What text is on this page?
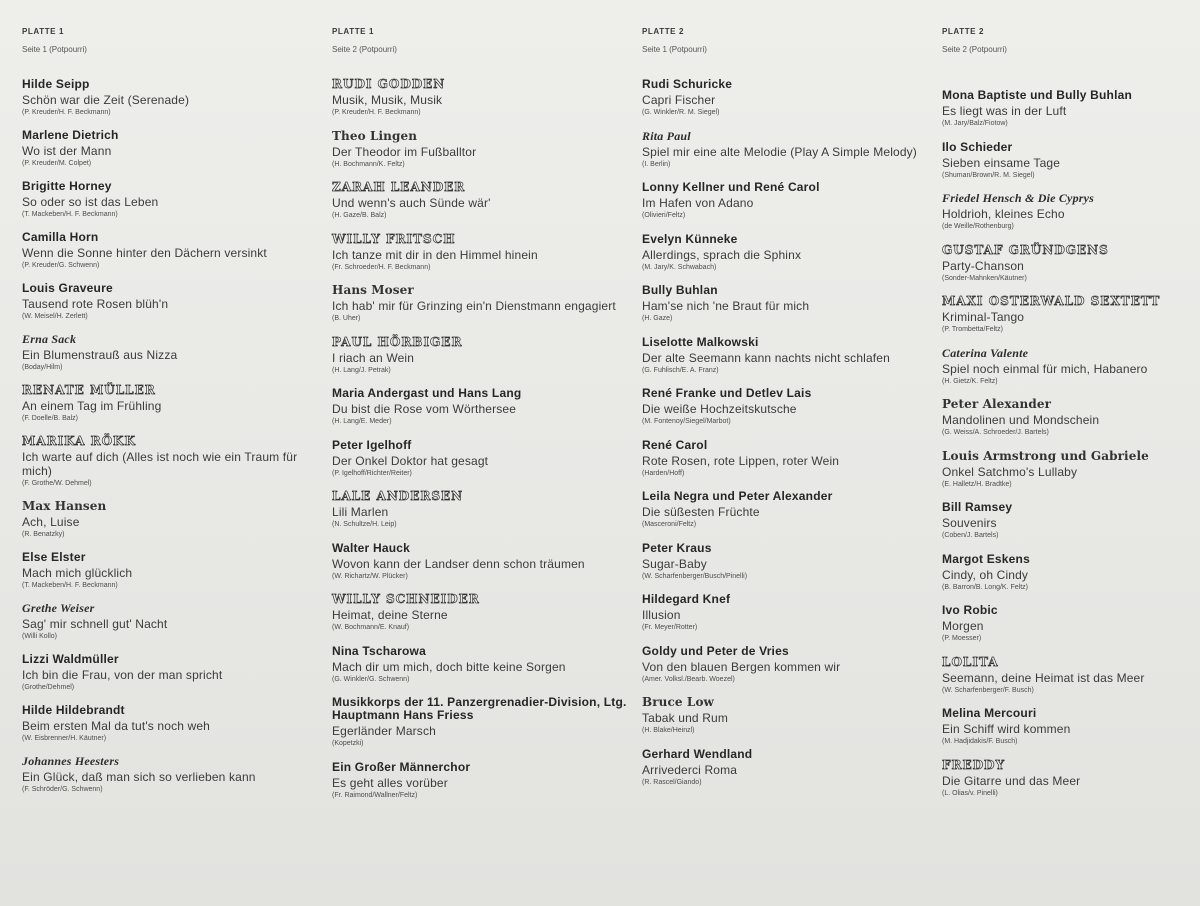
PLATTE 1
Seite 1 (Potpourri)
Hilde Seipp
Schön war die Zeit (Serenade)
(P. Kreuder/H. F. Beckmann)
Marlene Dietrich
Wo ist der Mann
(P. Kreuder/M. Colpet)
Brigitte Horney
So oder so ist das Leben
(T. Mackeben/H. F. Beckmann)
Camilla Horn
Wenn die Sonne hinter den Dächern versinkt
(P. Kreuder/G. Schwenn)
Louis Graveure
Tausend rote Rosen blüh'n
(W. Meisel/H. Zerlett)
Erna Sack
Ein Blumenstrauß aus Nizza
(Boday/Hilm)
RENATE MÜLLER
An einem Tag im Frühling
(F. Doelle/B. Balz)
MARIKA RÖKK
Ich warte auf dich (Alles ist noch wie ein Traum für mich)
(F. Grothe/W. Dehmel)
Max Hansen
Ach, Luise
(R. Benatzky)
Else Elster
Mach mich glücklich
(T. Mackeben/H. F. Beckmann)
Grethe Weiser
Sag' mir schnell gut' Nacht
(Willi Kollo)
Lizzi Waldmüller
Ich bin die Frau, von der man spricht
(Grothe/Dehmel)
Hilde Hildebrandt
Beim ersten Mal da tut's noch weh
(W. Eisbrenner/H. Käutner)
Johannes Heesters
Ein Glück, daß man sich so verlieben kann
(F. Schröder/G. Schwenn)
PLATTE 1
Seite 2 (Potpourri)
RUDI GODDEN
Musik, Musik, Musik
(P. Kreuder/H. F. Beckmann)
Theo Lingen
Der Theodor im Fußballtor
(H. Bochmann/K. Feltz)
ZARAH LEANDER
Und wenn's auch Sünde wär'
(H. Gaze/B. Balz)
WILLY FRITSCH
Ich tanze mit dir in den Himmel hinein
(Fr. Schroeder/H. F. Beckmann)
Hans Moser
Ich hab' mir für Grinzing ein'n Dienstmann engagiert
(B. Uher)
PAUL HÖRBIGER
I riach an Wein
(H. Lang/J. Petrak)
Maria Andergast und Hans Lang
Du bist die Rose vom Wörthersee
(H. Lang/E. Meder)
Peter Igelhoff
Der Onkel Doktor hat gesagt
(P. Igelhoff/Richter/Reiter)
LALE ANDERSEN
Lili Marlen
(N. Schultze/H. Leip)
Walter Hauck
Wovon kann der Landser denn schon träumen
(W. Richartz/W. Plücker)
WILLY SCHNEIDER
Heimat, deine Sterne
(W. Bochmann/E. Knauf)
Nina Tscharowa
Mach dir um mich, doch bitte keine Sorgen
(G. Winkler/G. Schwenn)
Musikkorps der 11. Panzergrenadier-Division, Ltg. Hauptmann Hans Friess
Egerländer Marsch
(Kopetzki)
Ein Großer Männerchor
Es geht alles vorüber
(Fr. Raimond/Wallner/Feltz)
PLATTE 2
Seite 1 (Potpourri)
Rudi Schuricke
Capri Fischer
(G. Winkler/R. M. Siegel)
Rita Paul
Spiel mir eine alte Melodie (Play A Simple Melody)
(I. Berlin)
Lonny Kellner und René Carol
Im Hafen von Adano
(Olivieri/Feltz)
Evelyn Künneke
Allerdings, sprach die Sphinx
(M. Jary/K. Schwabach)
Bully Buhlan
Ham'se nich 'ne Braut für mich
(H. Gaze)
Liselotte Malkowski
Der alte Seemann kann nachts nicht schlafen
(G. Fuhlisch/E. A. Franz)
René Franke und Detlev Lais
Die weiße Hochzeitskutsche
(M. Fontenoy/Siegel/Marbot)
René Carol
Rote Rosen, rote Lippen, roter Wein
(Harden/Hoff)
Leila Negra und Peter Alexander
Die süßesten Früchte
(Masceroni/Feltz)
Peter Kraus
Sugar-Baby
(W. Scharfenberger/Busch/Pinelli)
Hildegard Knef
Illusion
(Fr. Meyer/Rotter)
Goldy und Peter de Vries
Von den blauen Bergen kommen wir
(Amer. Volksl./Bearb. Woezel)
Bruce Low
Tabak und Rum
(H. Blake/Heinzl)
Gerhard Wendland
Arrivederci Roma
(R. Rascel/Giando)
PLATTE 2
Seite 2 (Potpourri)
Mona Baptiste und Bully Buhlan
Es liegt was in der Luft
(M. Jary/Balz/Fiotow)
Ilo Schieder
Sieben einsame Tage
(Shuman/Brown/R. M. Siegel)
Friedel Hensch & Die Cyprys
Holdrioh, kleines Echo
(de Weille/Rothenburg)
GUSTAF GRÜNDGENS
Party-Chanson
(Sonder-Mahnken/Käutner)
MAXI OSTERWALD SEXTETT
Kriminal-Tango
(P. Trombetta/Feltz)
Caterina Valente
Spiel noch einmal für mich, Habanero
(H. Gietz/K. Feltz)
Peter Alexander
Mandolinen und Mondschein
(G. Weiss/A. Schroeder/J. Bartels)
Louis Armstrong und Gabriele
Onkel Satchmo's Lullaby
(E. Halletz/H. Bradtke)
Bill Ramsey
Souvenirs
(Coben/J. Bartels)
Margot Eskens
Cindy, oh Cindy
(B. Barron/B. Long/K. Feltz)
Ivo Robic
Morgen
(P. Moesser)
LOLITA
Seemann, deine Heimat ist das Meer
(W. Scharfenberger/F. Busch)
Melina Mercouri
Ein Schiff wird kommen
(M. Hadjidakis/F. Busch)
FREDDY
Die Gitarre und das Meer
(L. Olias/v. Pinelli)
